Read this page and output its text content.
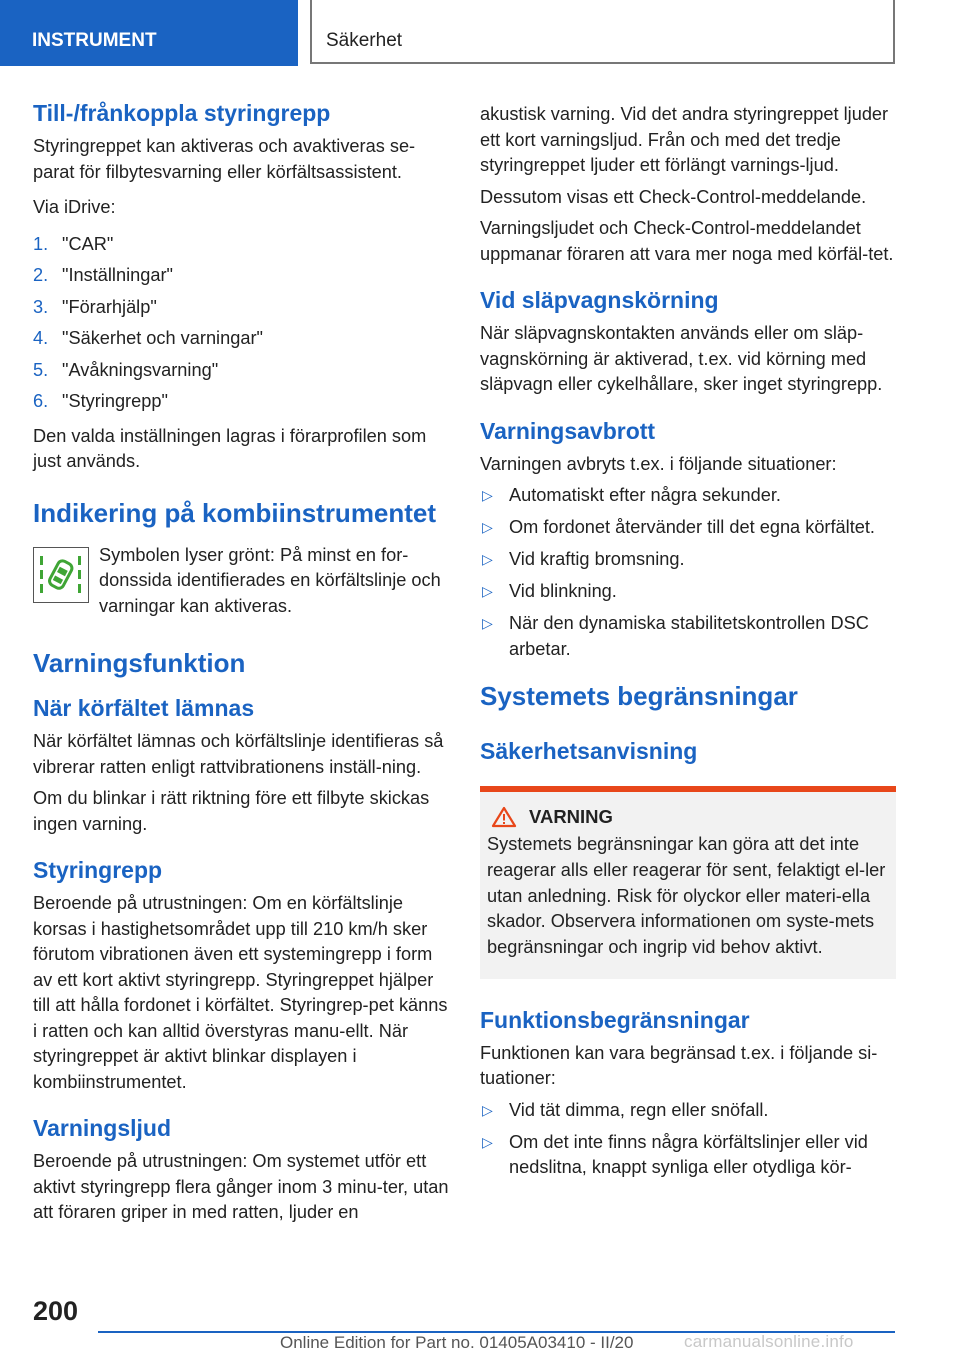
INSTRUMENT	Säkerhet
Till-/frånkoppla styringrepp

Styringreppet kan aktiveras och avaktiveras se-parat för filbytesvarning eller körfältsassistent.

Via iDrive:

1. "CAR"
2. "Inställningar"
3. "Förarhjälp"
4. "Säkerhet och varningar"
5. "Avåkningsvarning"
6. "Styringrepp"

Den valda inställningen lagras i förarprofilen som just används.

Indikering på kombiinstrumentet

Symbolen lyser grönt: På minst en for-donssida identifierades en körfältslinje och varningar kan aktiveras.

Varningsfunktion
När körfältet lämnas

När körfältet lämnas och körfältslinje identifieras så vibrerar ratten enligt rattvibrationens inställ-ning.

Om du blinkar i rätt riktning före ett filbyte skickas ingen varning.

Styringrepp

Beroende på utrustningen: Om en körfältslinje korsas i hastighetsområdet upp till 210 km/h sker förutom vibrationen även ett systemingrepp i form av ett kort aktivt styringrepp. Styringreppet hjälper till att hålla fordonet i körfältet. Styringrep-pet känns i ratten och kan alltid överstyras manu-ellt. När styringreppet är aktivt blinkar displayen i kombiinstrumentet.

Varningsljud

Beroende på utrustningen: Om systemet utför ett aktivt styringrepp flera gånger inom 3 minu-ter, utan att föraren griper in med ratten, ljuder en

akustisk varning. Vid det andra styringreppet ljuder ett kort varningsljud. Från och med det tredje styringreppet ljuder ett förlängt varnings-ljud.

Dessutom visas ett Check-Control-meddelande.

Varningsljudet och Check-Control-meddelandet uppmanar föraren att vara mer noga med körfäl-tet.

Vid släpvagnskörning

När släpvagnskontakten används eller om släp-vagnskörning är aktiverad, t.ex. vid körning med släpvagn eller cykelhållare, sker inget styringrepp.

Varningsavbrott

Varningen avbryts t.ex. i följande situationer:

▷ Automatiskt efter några sekunder.
▷ Om fordonet återvänder till det egna körfältet.
▷ Vid kraftig bromsning.
▷ Vid blinkning.
▷ När den dynamiska stabilitetskontrollen DSC arbetar.
Systemets begränsningar
Säkerhetsanvisning
VARNING

Systemets begränsningar kan göra att det inte reagerar alls eller reagerar för sent, felaktigt el-ler utan anledning. Risk för olyckor eller materi-ella skador. Observera informationen om syste-mets begränsningar och ingrip vid behov aktivt.

Funktionsbegränsningar

Funktionen kan vara begränsad t.ex. i följande si-tuationer:

▷ Vid tät dimma, regn eller snöfall.
▷ Om det inte finns några körfältslinjer eller vid nedslitna, knappt synliga eller otydliga kör-
200
Online Edition for Part no. 01405A03410 - II/20	carmanualsonline.info
